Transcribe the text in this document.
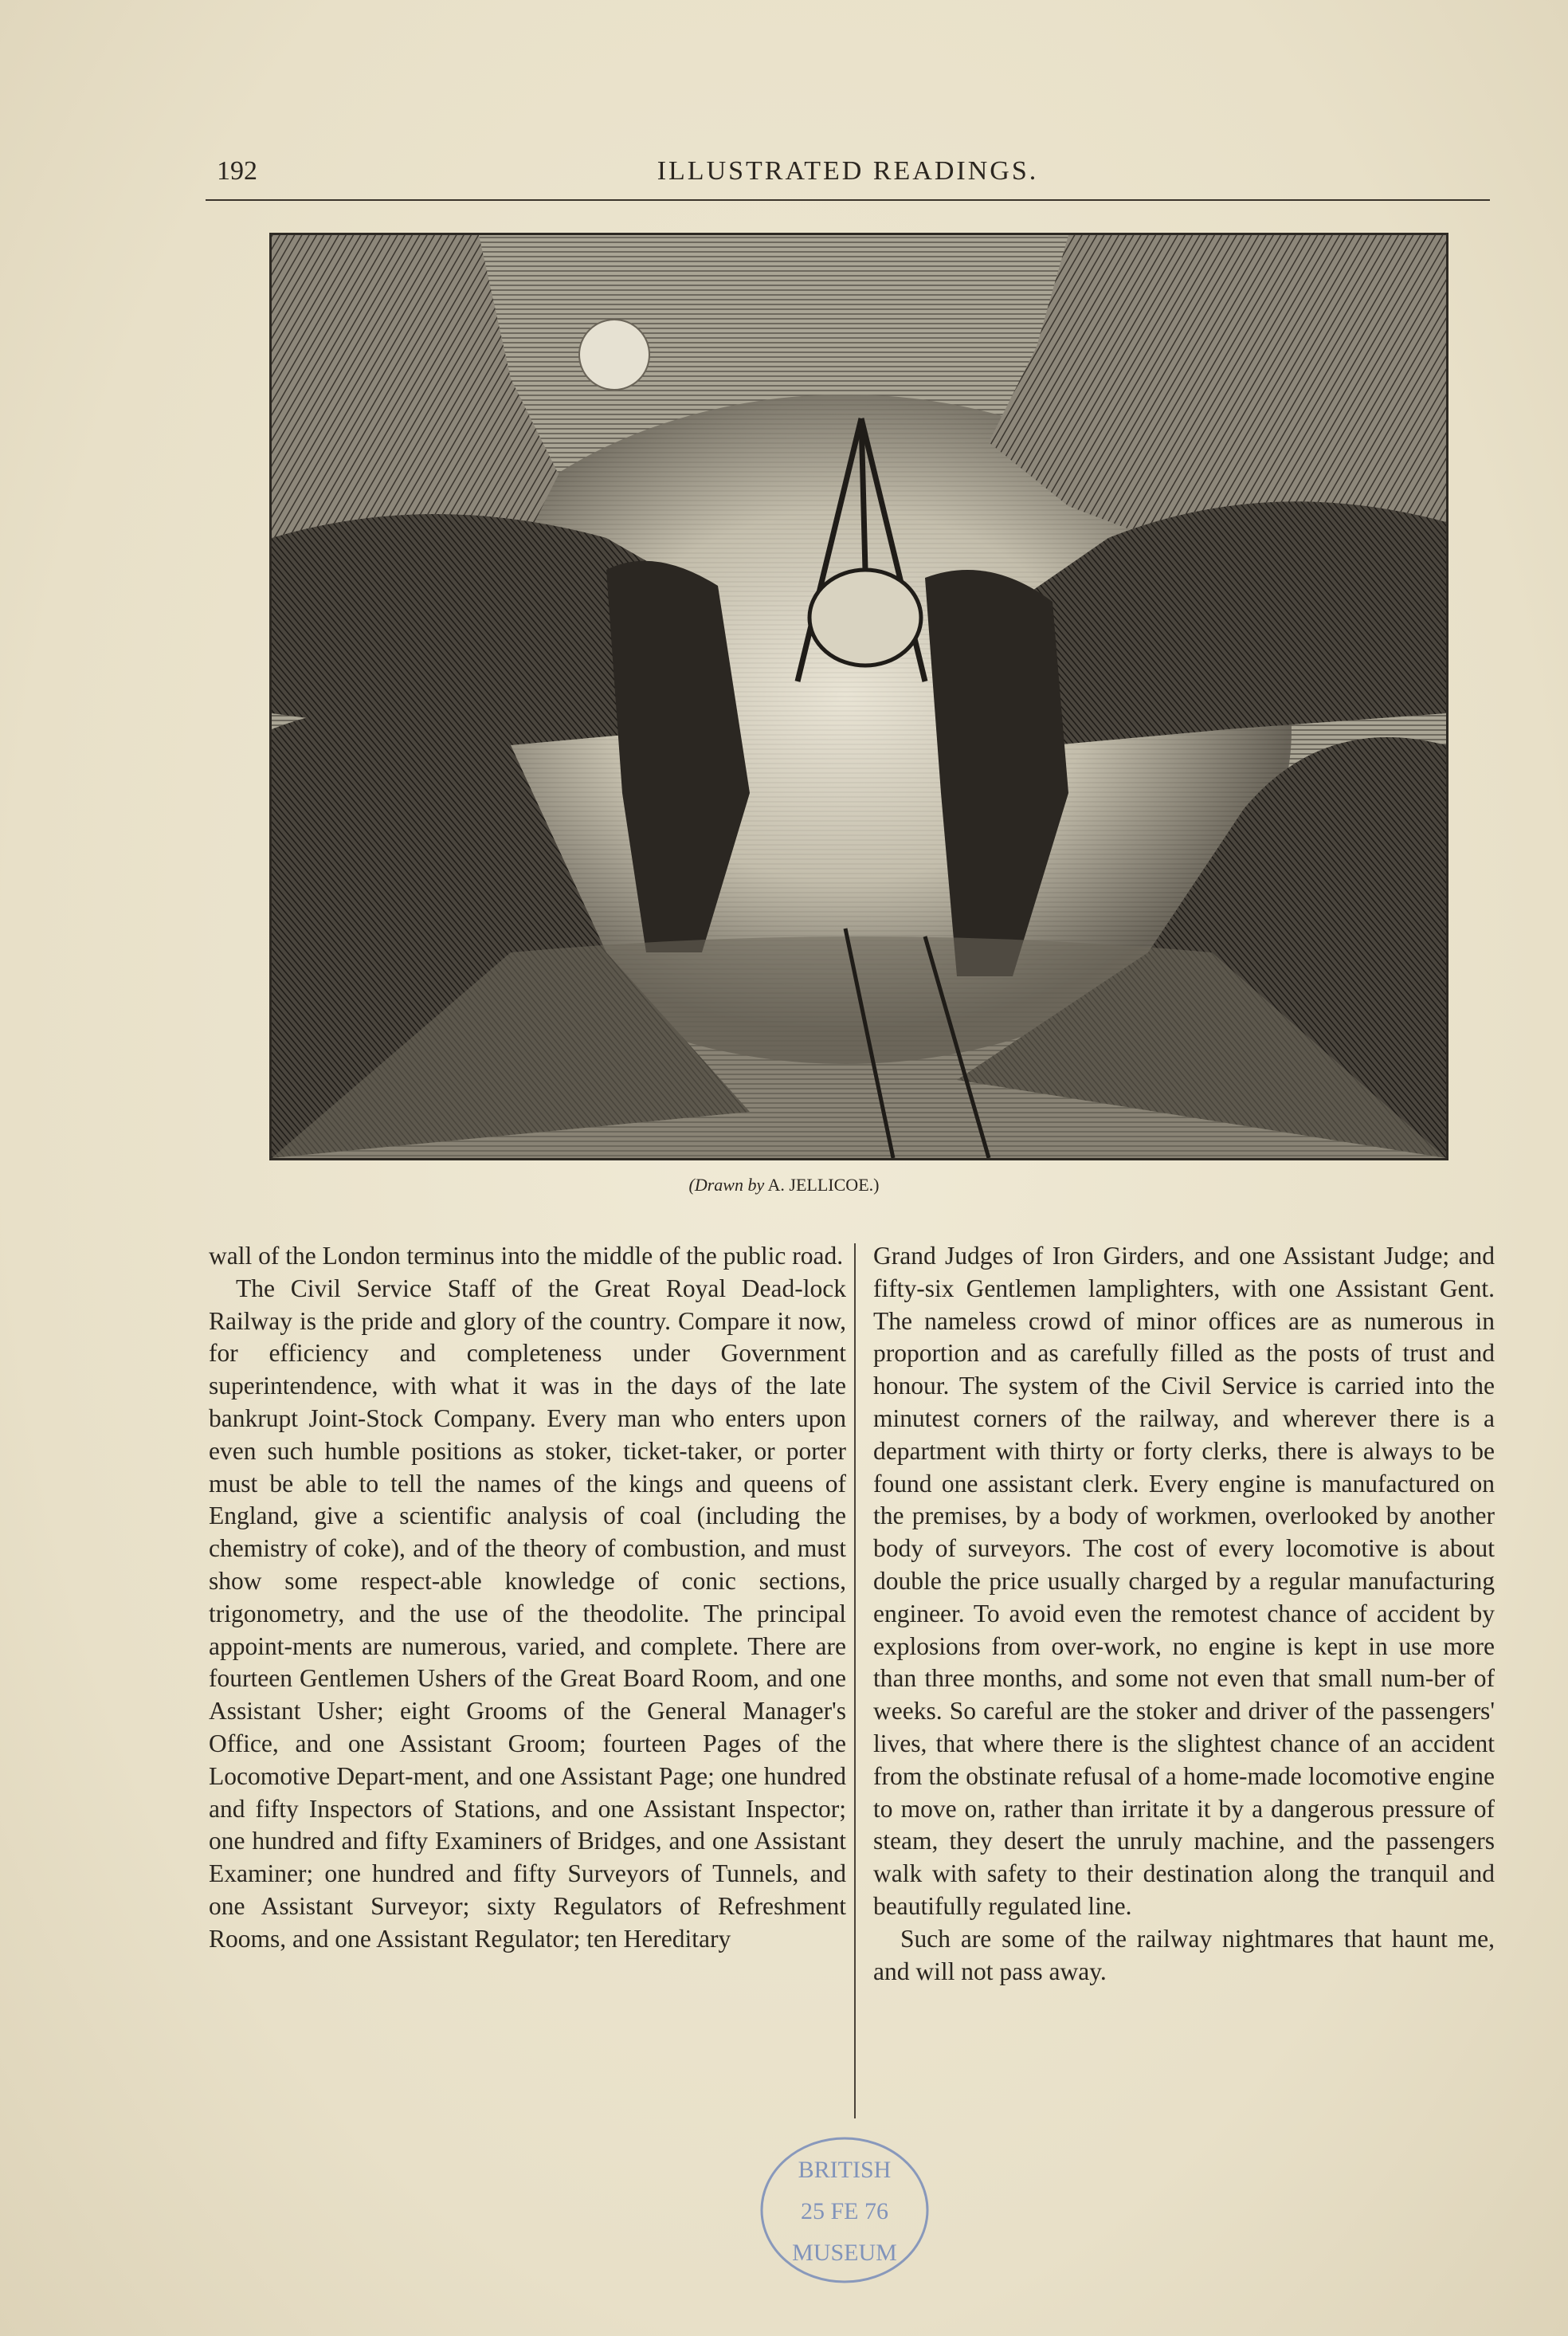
192	ILLUSTRATED READINGS.
(Drawn by A. JELLICOE.)

wall of the London terminus into the middle of the public road.

The Civil Service Staff of the Great Royal Dead-lock Railway is the pride and glory of the country. Compare it now, for efficiency and completeness under Government superintendence, with what it was in the days of the late bankrupt Joint-Stock Company. Every man who enters upon even such humble positions as stoker, ticket-taker, or porter must be able to tell the names of the kings and queens of England, give a scientific analysis of coal (including the chemistry of coke), and of the theory of combustion, and must show some respect-able knowledge of conic sections, trigonometry, and the use of the theodolite. The principal appoint-ments are numerous, varied, and complete. There are fourteen Gentlemen Ushers of the Great Board Room, and one Assistant Usher; eight Grooms of the General Manager's Office, and one Assistant Groom; fourteen Pages of the Locomotive Depart-ment, and one Assistant Page; one hundred and fifty Inspectors of Stations, and one Assistant Inspector; one hundred and fifty Examiners of Bridges, and one Assistant Examiner; one hundred and fifty Surveyors of Tunnels, and one Assistant Surveyor; sixty Regulators of Refreshment Rooms, and one Assistant Regulator; ten Hereditary

Grand Judges of Iron Girders, and one Assistant Judge; and fifty-six Gentlemen lamplighters, with one Assistant Gent. The nameless crowd of minor offices are as numerous in proportion and as carefully filled as the posts of trust and honour. The system of the Civil Service is carried into the minutest corners of the railway, and wherever there is a department with thirty or forty clerks, there is always to be found one assistant clerk. Every engine is manufactured on the premises, by a body of workmen, overlooked by another body of surveyors. The cost of every locomotive is about double the price usually charged by a regular manufacturing engineer. To avoid even the remotest chance of accident by explosions from over-work, no engine is kept in use more than three months, and some not even that small num-ber of weeks. So careful are the stoker and driver of the passengers' lives, that where there is the slightest chance of an accident from the obstinate refusal of a home-made locomotive engine to move on, rather than irritate it by a dangerous pressure of steam, they desert the unruly machine, and the passengers walk with safety to their destination along the tranquil and beautifully regulated line.

Such are some of the railway nightmares that haunt me, and will not pass away.

BRITISH
25 FE 76
MUSEUM
